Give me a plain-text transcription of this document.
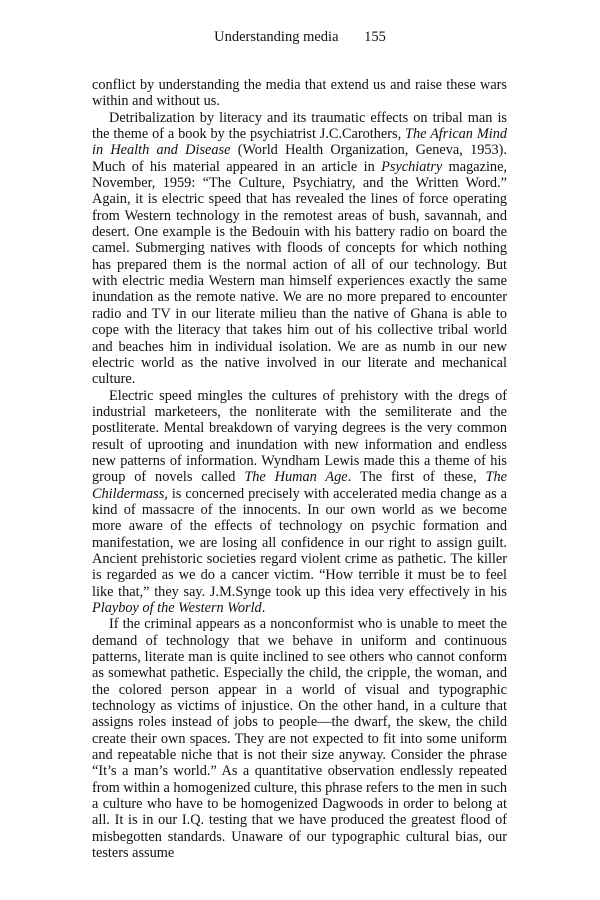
Understanding media 155

conflict by understanding the media that extend us and raise these wars within and without us.

Detribalization by literacy and its traumatic effects on tribal man is the theme of a book by the psychiatrist J.C.Carothers, The African Mind in Health and Disease (World Health Organization, Geneva, 1953). Much of his material appeared in an article in Psychiatry magazine, November, 1959: “The Culture, Psychiatry, and the Written Word.” Again, it is electric speed that has revealed the lines of force operating from Western technology in the remotest areas of bush, savannah, and desert. One example is the Bedouin with his battery radio on board the camel. Submerging natives with floods of concepts for which nothing has prepared them is the normal action of all of our technology. But with electric media Western man himself experiences exactly the same inundation as the remote native. We are no more prepared to encounter radio and TV in our literate milieu than the native of Ghana is able to cope with the literacy that takes him out of his collective tribal world and beaches him in individual isolation. We are as numb in our new electric world as the native involved in our literate and mechanical culture.

Electric speed mingles the cultures of prehistory with the dregs of industrial marketeers, the nonliterate with the semiliterate and the postliterate. Mental breakdown of varying degrees is the very common result of uprooting and inundation with new information and endless new patterns of information. Wyndham Lewis made this a theme of his group of novels called The Human Age. The first of these, The Childermass, is concerned precisely with accelerated media change as a kind of massacre of the innocents. In our own world as we become more aware of the effects of technology on psychic formation and manifestation, we are losing all confidence in our right to assign guilt. Ancient prehistoric societies regard violent crime as pathetic. The killer is regarded as we do a cancer victim. “How terrible it must be to feel like that,” they say. J.M.Synge took up this idea very effectively in his Playboy of the Western World.

If the criminal appears as a nonconformist who is unable to meet the demand of technology that we behave in uniform and continuous patterns, literate man is quite inclined to see others who cannot conform as somewhat pathetic. Especially the child, the cripple, the woman, and the colored person appear in a world of visual and typographic technology as victims of injustice. On the other hand, in a culture that assigns roles instead of jobs to people—the dwarf, the skew, the child create their own spaces. They are not expected to fit into some uniform and repeatable niche that is not their size anyway. Consider the phrase “It’s a man’s world.” As a quantitative observation endlessly repeated from within a homogenized culture, this phrase refers to the men in such a culture who have to be homogenized Dagwoods in order to belong at all. It is in our I.Q. testing that we have produced the greatest flood of misbegotten standards. Unaware of our typographic cultural bias, our testers assume
